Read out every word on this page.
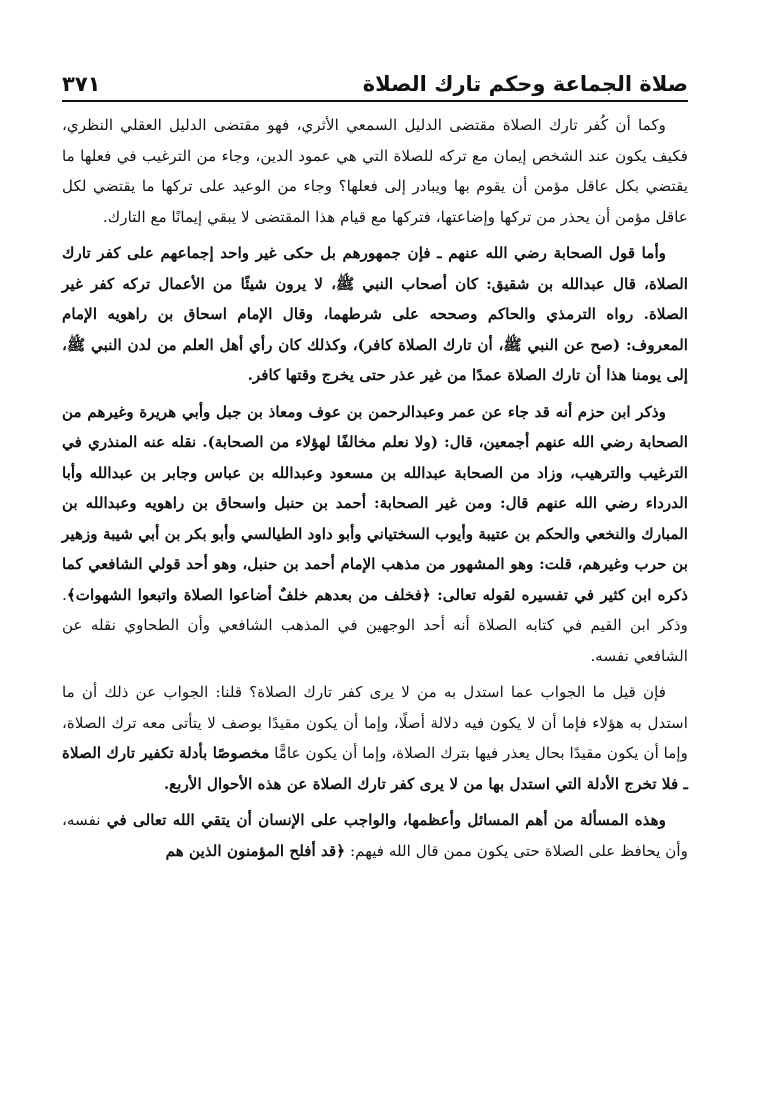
صلاة الجماعة وحكم تارك الصلاة
٣٧١

وكما أن كُفر تارك الصلاة مقتضى الدليل السمعي الأثري، فهو مقتضى الدليل العقلي النظري، فكيف يكون عند الشخص إيمان مع تركه للصلاة التي هي عمود الدين، وجاء من الترغيب في فعلها ما يقتضي بكل عاقل مؤمن أن يقوم بها ويبادر إلى فعلها؟ وجاء من الوعيد على تركها ما يقتضي لكل عاقل مؤمن أن يحذر من تركها وإضاعتها، فتركها مع قيام هذا المقتضى لا يبقي إيمانًا مع التارك.

وأما قول الصحابة رضي الله عنهم ـ فإن جمهورهم بل حكى غير واحد إجماعهم على كفر تارك الصلاة، قال عبدالله بن شقيق: كان أصحاب النبي ﷺ، لا يرون شيئًا من الأعمال تركه كفر غير الصلاة. رواه الترمذي والحاكم وصححه على شرطهما، وقال الإمام اسحاق بن راهويه الإمام المعروف: (صح عن النبي ﷺ، أن تارك الصلاة كافر)، وكذلك كان رأي أهل العلم من لدن النبي ﷺ، إلى يومنا هذا أن تارك الصلاة عمدًا من غير عذر حتى يخرج وقتها كافر.

وذكر ابن حزم أنه قد جاء عن عمر وعبدالرحمن بن عوف ومعاذ بن جبل وأبي هريرة وغيرهم من الصحابة رضي الله عنهم أجمعين، قال: (ولا نعلم مخالفًا لهؤلاء من الصحابة). نقله عنه المنذري في الترغيب والترهيب، وزاد من الصحابة عبدالله بن مسعود وعبدالله بن عباس وجابر بن عبدالله وأبا الدرداء رضي الله عنهم قال: ومن غير الصحابة: أحمد بن حنبل واسحاق بن راهويه وعبدالله بن المبارك والنخعي والحكم بن عتيبة وأيوب السختياني وأبو داود الطيالسي وأبو بكر بن أبي شيبة وزهير بن حرب وغيرهم، قلت: وهو المشهور من مذهب الإمام أحمد بن حنبل، وهو أحد قولي الشافعي كما ذكره ابن كثير في تفسيره لقوله تعالى: ﴿فخلف من بعدهم خلفٌ أضاعوا الصلاة واتبعوا الشهوات﴾. وذكر ابن القيم في كتابه الصلاة أنه أحد الوجهين في المذهب الشافعي وأن الطحاوي نقله عن الشافعي نفسه.

فإن قيل ما الجواب عما استدل به من لا يرى كفر تارك الصلاة؟ قلنا: الجواب عن ذلك أن ما استدل به هؤلاء فإما أن لا يكون فيه دلالة أصلًا، وإما أن يكون مقيدًا بوصف لا يتأتى معه ترك الصلاة، وإما أن يكون مقيدًا بحال يعذر فيها بترك الصلاة، وإما أن يكون عامًّا مخصوصًا بأدلة تكفير تارك الصلاة ـ فلا تخرج الأدلة التي استدل بها من لا يرى كفر تارك الصلاة عن هذه الأحوال الأربع.

وهذه المسألة من أهم المسائل وأعظمها، والواجب على الإنسان أن يتقي الله تعالى في نفسه، وأن يحافظ على الصلاة حتى يكون ممن قال الله فيهم: ﴿قد أفلح المؤمنون الذين هم
